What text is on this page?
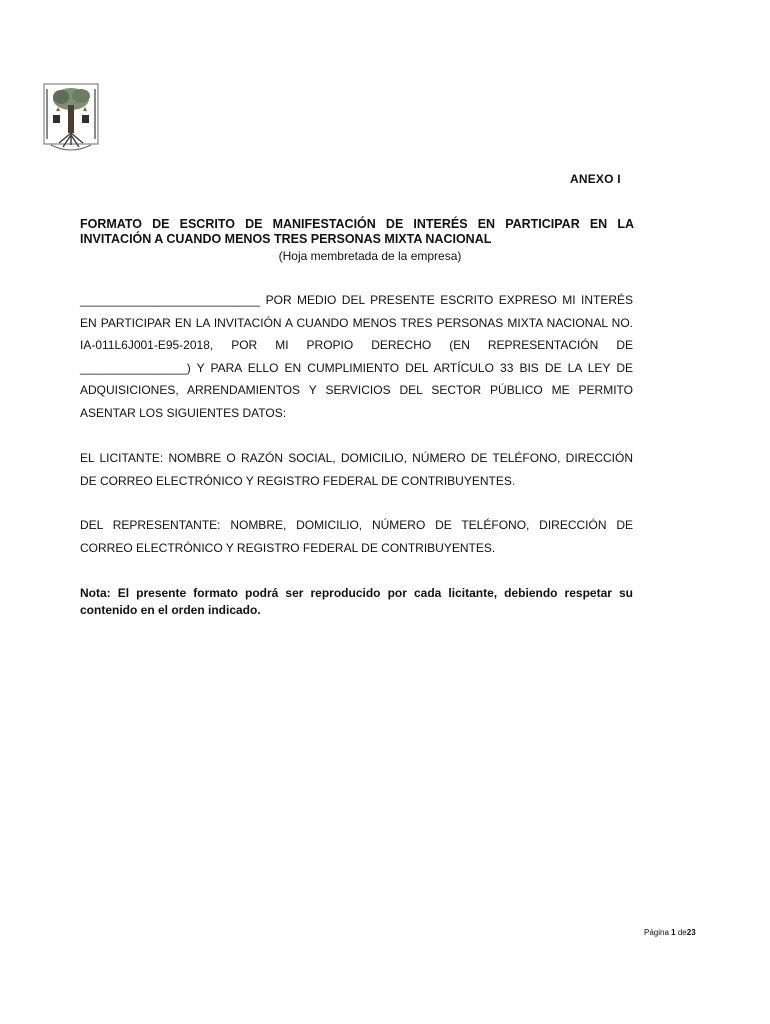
ANEXO I
FORMATO DE ESCRITO DE MANIFESTACIÓN DE INTERÉS EN PARTICIPAR EN LA
INVITACIÓN A CUANDO MENOS TRES PERSONAS MIXTA NACIONAL
(Hoja membretada de la empresa)
___________________________ POR MEDIO DEL PRESENTE ESCRITO EXPRESO MI INTERÉS EN PARTICIPAR EN LA INVITACIÓN A CUANDO MENOS TRES PERSONAS MIXTA NACIONAL NO. IA-011L6J001-E95-2018, POR MI PROPIO DERECHO (EN REPRESENTACIÓN DE ________________) Y PARA ELLO EN CUMPLIMIENTO DEL ARTÍCULO 33 BIS DE LA LEY DE ADQUISICIONES, ARRENDAMIENTOS Y SERVICIOS DEL SECTOR PÚBLICO ME PERMITO ASENTAR LOS SIGUIENTES DATOS:
EL LICITANTE: NOMBRE O RAZÓN SOCIAL, DOMICILIO, NÚMERO DE TELÉFONO, DIRECCIÓN DE CORREO ELECTRÓNICO Y REGISTRO FEDERAL DE CONTRIBUYENTES.
DEL REPRESENTANTE: NOMBRE, DOMICILIO, NÚMERO DE TELÉFONO, DIRECCIÓN DE CORREO ELECTRÓNICO Y REGISTRO FEDERAL DE CONTRIBUYENTES.
Nota: El presente formato podrá ser reproducido por cada licitante, debiendo respetar su contenido en el orden indicado.
Página 1 de23
